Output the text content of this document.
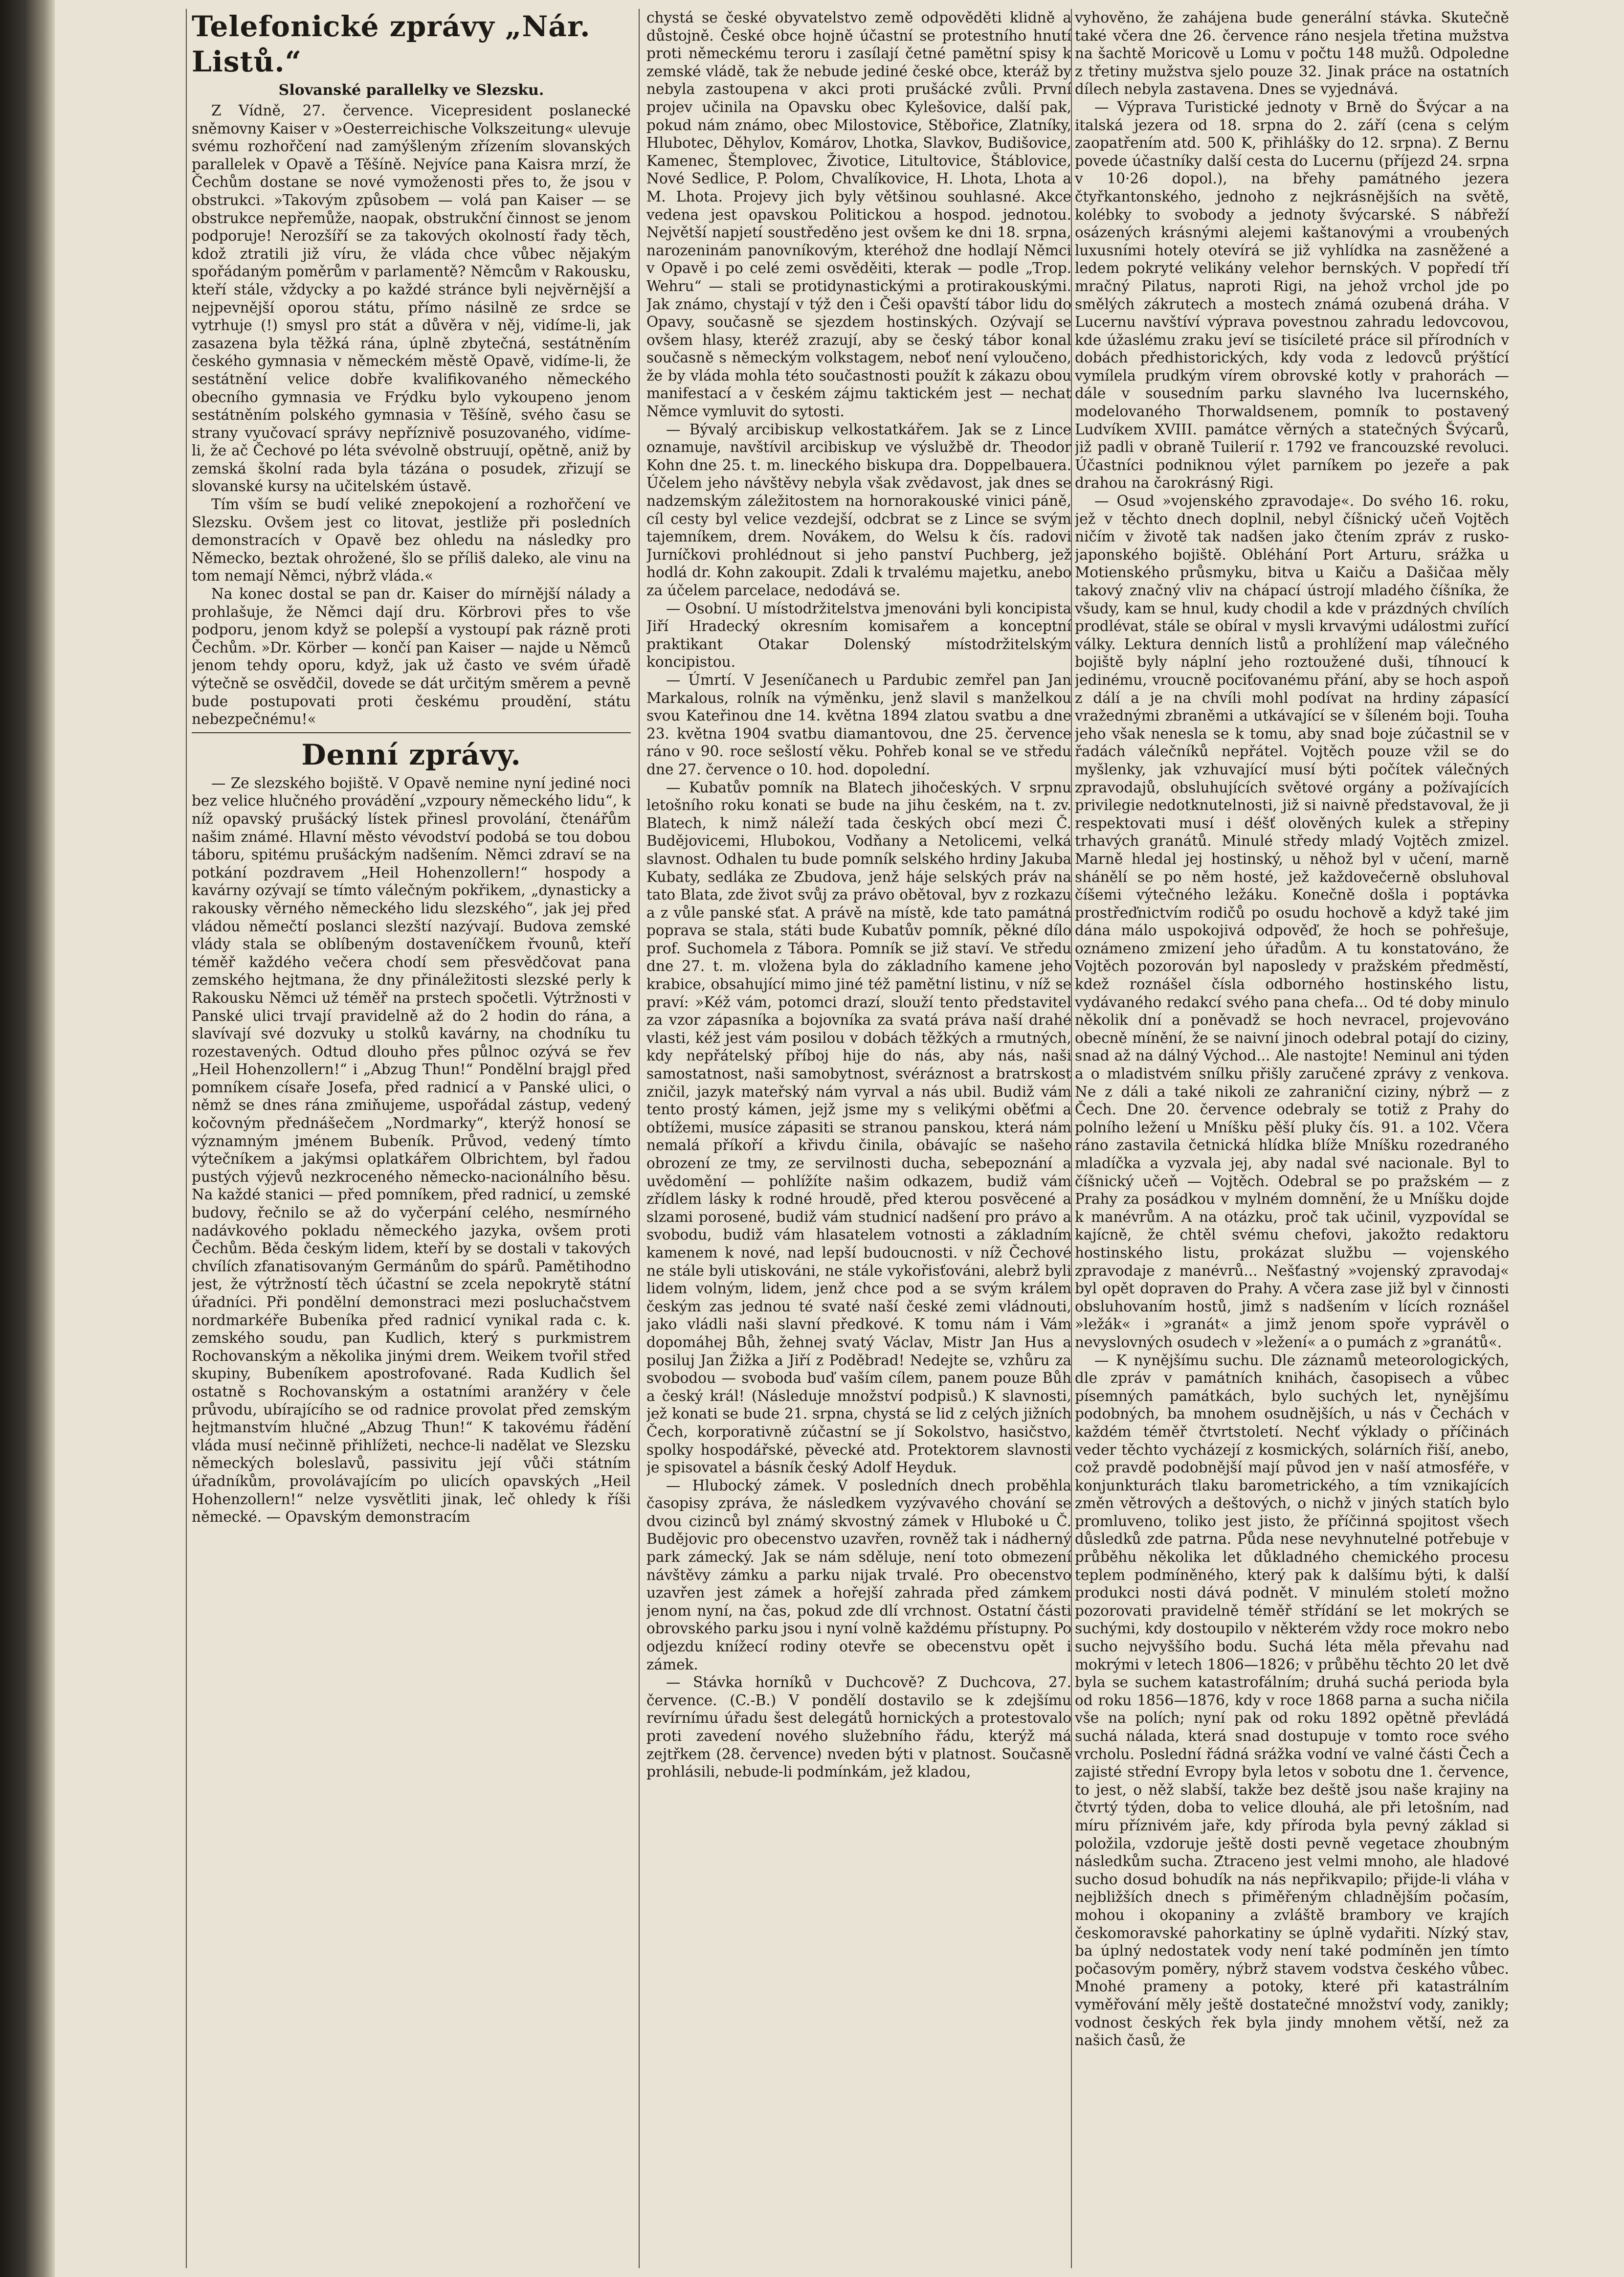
Telefonické zprávy „Nár. Listů.“
Slovanské parallelky ve Slezsku.

Z Vídně, 27. července. Vicepresident poslanecké sněmovny Kaiser v »Oesterreichische Volkszeitung« ulevuje svému rozhořčení nad zamýšleným zřízením slovanských parallelek v Opavě a Těšíně. Nejvíce pana Kaisra mrzí, že Čechům dostane se nové vymoženosti přes to, že jsou v obstrukci. »Takovým způsobem — volá pan Kaiser — se obstrukce nepřemůže, naopak, obstrukční činnost se jenom podporuje! Nerozšíří se za takových okolností řady těch, kdož ztratili již víru, že vláda chce vůbec nějakým spořádaným poměrům v parlamentě? Němcům v Rakousku, kteří stále, vždycky a po každé stránce byli nejvěrnější a nejpevnější oporou státu, přímo násilně ze srdce se vytrhuje (!) smysl pro stát a důvěra v něj, vidíme-li, jak zasazena byla těžká rána, úplně zbytečná, sestátněním českého gymnasia v německém městě Opavě, vidíme-li, že sestátnění velice dobře kvalifikovaného německého obecního gymnasia ve Frýdku bylo vykoupeno jenom sestátněním polského gymnasia v Těšíně, svého času se strany vyučovací správy nepříznivě posuzovaného, vidíme-li, že ač Čechové po léta svévolně obstruují, opětně, aniž by zemská školní rada byla tázána o posudek, zřizují se slovanské kursy na učitelském ústavě.

Tím vším se budí veliké znepokojení a rozhořčení ve Slezsku. Ovšem jest co litovat, jestliže při posledních demonstracích v Opavě bez ohledu na následky pro Německo, beztak ohrožené, šlo se příliš daleko, ale vinu na tom nemají Němci, nýbrž vláda.«

Na konec dostal se pan dr. Kaiser do mírnější nálady a prohlašuje, že Němci dají dru. Körbrovi přes to vše podporu, jenom když se polepší a vystoupí pak rázně proti Čechům. »Dr. Körber — končí pan Kaiser — najde u Němců jenom tehdy oporu, když, jak už často ve svém úřadě výtečně se osvědčil, dovede se dát určitým směrem a pevně bude postupovati proti českému proudění, státu nebezpečnému!«

Denní zprávy.

— Ze slezského bojiště. V Opavě nemine nyní jediné noci bez velice hlučného provádění „vzpoury německého lidu“, k níž opavský prušácký lístek přinesl provolání, čtenářům našim známé. Hlavní město vévodství podobá se tou dobou táboru, spitému prušáckým nadšením. Němci zdraví se na potkání pozdravem „Heil Hohenzollern!“ hospody a kavárny ozývají se tímto válečným pokřikem, „dynasticky a rakousky věrného německého lidu slezského“, jak jej před vládou němečtí poslanci slezští nazývají. Budova zemské vlády stala se oblíbeným dostaveníčkem řvounů, kteří téměř každého večera chodí sem přesvědčovat pana zemského hejtmana, že dny přináležitosti slezské perly k Rakousku Němci už téměř na prstech spočetli. Výtržnosti v Panské ulici trvají pravidelně až do 2 hodin do rána, a slavívají své dozvuky u stolků kavárny, na chodníku tu rozestavených. Odtud dlouho přes půlnoc ozývá se řev „Heil Hohenzollern!“ i „Abzug Thun!“ Pondělní brajgl před pomníkem císaře Josefa, před radnicí a v Panské ulici, o němž se dnes rána zmiňujeme, uspořádal zástup, vedený kočovným přednášečem „Nordmarky“, kterýž honosí se významným jménem Bubeník. Průvod, vedený tímto výtečníkem a jakýmsi oplatkářem Olbrichtem, byl řadou pustých výjevů nezkroceného německo-nacionálního běsu. Na každé stanici — před pomníkem, před radnicí, u zemské budovy, řečnilo se až do vyčerpání celého, nesmírného nadávkového pokladu německého jazyka, ovšem proti Čechům. Běda českým lidem, kteří by se dostali v takových chvílích zfanatisovaným Germánům do spárů. Pamětihodno jest, že výtržností těch účastní se zcela nepokrytě státní úřadníci. Při pondělní demonstraci mezi posluchačstvem nordmarkéře Bubeníka před radnicí vynikal rada c. k. zemského soudu, pan Kudlich, který s purkmistrem Rochovanským a několika jinými drem. Weikem tvořil střed skupiny, Bubeníkem apostrofované. Rada Kudlich šel ostatně s Rochovanským a ostatními aranžéry v čele průvodu, ubírajícího se od radnice provolat před zemským hejtmanstvím hlučné „Abzug Thun!“ K takovému řádění vláda musí nečinně přihlížeti, nechce-li nadělat ve Slezsku německých boleslavů, passivitu její vůči státním úřadníkům, provolávajícím po ulicích opavských „Heil Hohenzollern!“ nelze vysvětliti jinak, leč ohledy k říši německé. — Opavským demonstracím

chystá se české obyvatelstvo země odpověděti klidně a důstojně. České obce hojně účastní se protestního hnutí proti německému teroru i zasílají četné pamětní spisy k zemské vládě, tak že nebude jediné české obce, kteráž by nebyla zastoupena v akci proti prušácké zvůli. První projev učinila na Opavsku obec Kylešovice, další pak, pokud nám známo, obec Milostovice, Stěbořice, Zlatníky, Hlubotec, Děhylov, Komárov, Lhotka, Slavkov, Budišovice, Kamenec, Štemplovec, Životice, Litultovice, Štáblovice, Nové Sedlice, P. Polom, Chvalíkovice, H. Lhota, Lhota a M. Lhota. Projevy jich byly většinou souhlasné. Akce vedena jest opavskou Politickou a hospod. jednotou. Největší napjetí soustředěno jest ovšem ke dni 18. srpna, narozeninám panovníkovým, kteréhož dne hodlají Němci v Opavě i po celé zemi osvěděiti, kterak — podle „Trop. Wehru“ — stali se protidynastickými a protirakouskými. Jak známo, chystají v týž den i Češi opavští tábor lidu do Opavy, současně se sjezdem hostinských. Ozývají se ovšem hlasy, kteréž zrazují, aby se český tábor konal současně s německým volkstagem, neboť není vyloučeno, že by vláda mohla této součastnosti použít k zákazu obou manifestací a v českém zájmu taktickém jest — nechat Němce vymluvit do sytosti.

— Bývalý arcibiskup velkostatkářem. Jak se z Lince oznamuje, navštívil arcibiskup ve výslužbě dr. Theodor Kohn dne 25. t. m. lineckého biskupa dra. Doppelbauera. Účelem jeho návštěvy nebyla však zvědavost, jak dnes se nadzemským záležitostem na hornorakouské vinici páně, cíl cesty byl velice vezdejší, odcbrat se z Lince se svým tajemníkem, drem. Novákem, do Welsu k čís. radovi Jurníčkovi prohlédnout si jeho panství Puchberg, jež hodlá dr. Kohn zakoupit. Zdali k trvalému majetku, anebo za účelem parcelace, nedodává se.

— Osobní. U místodržitelstva jmenováni byli koncipista Jiří Hradecký okresním komisařem a konceptní praktikant Otakar Dolenský místodržitelským koncipistou.

— Úmrtí. V Jeseníčanech u Pardubic zemřel pan Jan Markalous, rolník na výměnku, jenž slavil s manželkou svou Kateřinou dne 14. května 1894 zlatou svatbu a dne 23. května 1904 svatbu diamantovou, dne 25. července ráno v 90. roce sešlostí věku. Pohřeb konal se ve středu dne 27. července o 10. hod. dopolední.

— Kubatův pomník na Blatech jihočeských. V srpnu letošního roku konati se bude na jihu českém, na t. zv. Blatech, k nimž náleží tada českých obcí mezi Č. Budějovicemi, Hlubokou, Vodňany a Netolicemi, velká slavnost. Odhalen tu bude pomník selského hrdiny Jakuba Kubaty, sedláka ze Zbudova, jenž háje selských práv na tato Blata, zde život svůj za právo obětoval, byv z rozkazu a z vůle panské sťat. A právě na místě, kde tato památná poprava se stala, státi bude Kubatův pomník, pěkné dílo prof. Suchomela z Tábora. Pomník se již staví. Ve středu dne 27. t. m. vložena byla do základního kamene jeho krabice, obsahující mimo jiné též pamětní listinu, v níž se praví: »Kéž vám, potomci drazí, slouží tento představitel za vzor zápasníka a bojovníka za svatá práva naší drahé vlasti, kéž jest vám posilou v dobách těžkých a rmutných, kdy nepřátelský příboj hije do nás, aby nás, naši samostatnost, naši samobytnost, svéráznost a bratrskost zničil, jazyk mateřský nám vyrval a nás ubil. Budiž vám tento prostý kámen, jejž jsme my s velikými oběťmi a obtížemi, musíce zápasiti se stranou panskou, která nám nemalá příkoří a křivdu činila, obávajíc se našeho obrození ze tmy, ze servilnosti ducha, sebepoznání a uvědomění — pohlížíte našim odkazem, budiž vám zřídlem lásky k rodné hroudě, před kterou posvěcené a slzami porosené, budiž vám studnicí nadšení pro právo a svobodu, budiž vám hlasatelem votnosti a základním kamenem k nové, nad lepší budoucnosti. v níž Čechové ne stále byli utiskováni, ne stále vykořisťováni, alebrž byli lidem volným, lidem, jenž chce pod a se svým králem českým zas jednou té svaté naší české zemi vládnouti, jako vládli naši slavní předkové. K tomu nám i Vám dopomáhej Bůh, žehnej svatý Václav, Mistr Jan Hus a posiluj Jan Žižka a Jiří z Poděbrad! Nedejte se, vzhůru za svobodou — svoboda buď vaším cílem, panem pouze Bůh a český král! (Následuje množství podpisů.) K slavnosti, jež konati se bude 21. srpna, chystá se lid z celých jižních Čech, korporativně zúčastní se jí Sokolstvo, hasičstvo, spolky hospodářské, pěvecké atd. Protektorem slavnosti je spisovatel a básník český Adolf Heyduk.

— Hlubocký zámek. V posledních dnech proběhla časopisy zpráva, že následkem vyzývavého chování se dvou cizinců byl známý skvostný zámek v Hluboké u Č. Budějovic pro obecenstvo uzavřen, rovněž tak i nádherný park zámecký. Jak se nám sděluje, není toto obmezení návštěvy zámku a parku nijak trvalé. Pro obecenstvo uzavřen jest zámek a hořejší zahrada před zámkem jenom nyní, na čas, pokud zde dlí vrchnost. Ostatní části obrovského parku jsou i nyní volně každému přístupny. Po odjezdu knížecí rodiny otevře se obecenstvu opět i zámek.

— Stávka horníků v Duchcově? Z Duchcova, 27. července. (C.-B.) V pondělí dostavilo se k zdejšímu revírnímu úřadu šest delegátů hornických a protestovalo proti zavedení nového služebního řádu, kterýž má zejtřkem (28. července) nveden býti v platnost. Současně prohlásili, nebude-li podmínkám, jež kladou,

vyhověno, že zahájena bude generální stávka. Skutečně také včera dne 26. července ráno nesjela třetina mužstva na šachtě Moricově u Lomu v počtu 148 mužů. Odpoledne z třetiny mužstva sjelo pouze 32. Jinak práce na ostatních dílech nebyla zastavena. Dnes se vyjednává.

— Výprava Turistické jednoty v Brně do Švýcar a na italská jezera od 18. srpna do 2. září (cena s celým zaopatřením atd. 500 K, přihlášky do 12. srpna). Z Bernu povede účastníky další cesta do Lucernu (příjezd 24. srpna v 10·26 dopol.), na břehy památného jezera čtyřkantonského, jednoho z nejkrásnějších na světě, kolébky to svobody a jednoty švýcarské. S nábřeží osázených krásnými alejemi kaštanovými a vroubených luxusními hotely otevírá se již vyhlídka na zasněžené a ledem pokryté velikány velehor bernských. V popředí tří mračný Pilatus, naproti Rigi, na jehož vrchol jde po smělých zákrutech a mostech známá ozubená dráha. V Lucernu navštíví výprava povestnou zahradu ledovcovou, kde úžaslému zraku jeví se tisícileté práce sil přírodních v dobách předhistorických, kdy voda z ledovců prýštící vymílela prudkým vírem obrovské kotly v prahorách — dále v sousedním parku slavného lva lucernského, modelovaného Thorwaldsenem, pomník to postavený Ludvíkem XVIII. památce věrných a statečných Švýcarů, již padli v obraně Tuilerií r. 1792 ve francouzské revoluci. Účastníci podniknou výlet parníkem po jezeře a pak drahou na čarokrásný Rigi.

— Osud »vojenského zpravodaje«. Do svého 16. roku, jež v těchto dnech doplnil, nebyl číšnický učeň Vojtěch ničím v životě tak nadšen jako čtením zpráv z rusko-japonského bojiště. Obléhání Port Arturu, srážka u Motienského průsmyku, bitva u Kaiču a Dašičaa měly takový značný vliv na chápací ústrojí mladého číšníka, že všudy, kam se hnul, kudy chodil a kde v prázdných chvílích prodlévat, stále se obíral v mysli krvavými událostmi zuřící války. Lektura denních listů a prohlížení map válečného bojiště byly náplní jeho roztoužené duši, tíhnoucí k jedinému, vroucně pociťovanému přání, aby se hoch aspoň z dálí a je na chvíli mohl podívat na hrdiny zápasící vražednými zbraněmi a utkávající se v šíleném boji. Touha jeho však nenesla se k tomu, aby snad boje zúčastnil se v řadách válečníků nepřátel. Vojtěch pouze vžil se do myšlenky, jak vzhuvající musí býti počítek válečných zpravodajů, obsluhujících světové orgány a požívajících privilegie nedotknutelnosti, již si naivně představoval, že ji respektovati musí i déšť olověných kulek a střepiny trhavých granátů. Minulé středy mladý Vojtěch zmizel. Marně hledal jej hostinský, u něhož byl v učení, marně shánělí se po něm hosté, jež každovečerně obsluhoval číšemi výtečného ležáku. Konečně došla i poptávka prostřeďnictvím rodičů po osudu hochově a když také jim dána málo uspokojivá odpověď, že hoch se pohřešuje, oznámeno zmizení jeho úřadům. A tu konstatováno, že Vojtěch pozorován byl naposledy v pražském předměstí, kdež roznášel čísla odborného hostinského listu, vydávaného redakcí svého pana chefa... Od té doby minulo několik dní a poněvadž se hoch nevracel, projevováno obecně mínění, že se naivní jinoch odebral potají do ciziny, snad až na dálný Východ... Ale nastojte! Neminul ani týden a o mladistvém snílku přišly zaručené zprávy z venkova. Ne z dáli a také nikoli ze zahraniční ciziny, nýbrž — z Čech. Dne 20. července odebraly se totiž z Prahy do polního ležení u Mníšku pěší pluky čís. 91. a 102. Včera ráno zastavila četnická hlídka blíže Mníšku rozedraného mladíčka a vyzvala jej, aby nadal své nacionale. Byl to číšnický učeň — Vojtěch. Odebral se po pražském — z Prahy za posádkou v mylném domnění, že u Mníšku dojde k manévrům. A na otázku, proč tak učinil, vyzpovídal se kajícně, že chtěl svému chefovi, jakožto redaktoru hostinského listu, prokázat službu — vojenského zpravodaje z manévrů... Nešťastný »vojenský zpravodaj« byl opět dopraven do Prahy. A včera zase již byl v činnosti obsluhovaním hostů, jimž s nadšením v lících roznášel »ležák« i »granát« a jimž jenom spoře vyprávěl o nevyslovných osudech v »ležení« a o pumách z »granátů«.

— K nynějšímu suchu. Dle záznamů meteorologických, dle zpráv v památních knihách, časopisech a vůbec písemných památkách, bylo suchých let, nynějšímu podobných, ba mnohem osudnějších, u nás v Čechách v každém téměř čtvrtstoletí. Nechť výklady o příčinách veder těchto vycházejí z kosmických, solárních řiší, anebo, což pravdě podobnější mají původ jen v naší atmosféře, v konjunkturách tlaku barometrického, a tím vznikajících změn větrových a deštových, o nichž v jiných statích bylo promluveno, toliko jest jisto, že příčinná spojitost všech důsledků zde patrna. Půda nese nevyhnutelné potřebuje v průběhu několika let důkladného chemického procesu teplem podmíněného, který pak k dalšímu býti, k další produkci nosti dává podnět. V minulém století možno pozorovati pravidelně téměř střídání se let mokrých se suchými, kdy dostoupilo v některém vždy roce mokro nebo sucho nejvyššího bodu. Suchá léta měla převahu nad mokrými v letech 1806—1826; v průběhu těchto 20 let dvě byla se suchem katastrofálním; druhá suchá perioda byla od roku 1856—1876, kdy v roce 1868 parna a sucha ničila vše na polích; nyní pak od roku 1892 opětně převládá suchá nálada, která snad dostupuje v tomto roce svého vrcholu. Poslední řádná srážka vodní ve valné části Čech a zajisté střední Evropy byla letos v sobotu dne 1. července, to jest, o něž slabší, takže bez deště jsou naše krajiny na čtvrtý týden, doba to velice dlouhá, ale při letošním, nad míru příznivém jaře, kdy příroda byla pevný základ si položila, vzdoruje ještě dosti pevně vegetace zhoubným následkům sucha. Ztraceno jest velmi mnoho, ale hladové sucho dosud bohudík na nás nepřikvapilo; přijde-li vláha v nejbližších dnech s přiměřeným chladnějším počasím, mohou i okopaniny a zvláště brambory ve krajích českomoravské pahorkatiny se úplně vydařiti. Nízký stav, ba úplný nedostatek vody není také podmíněn jen tímto počasovým poměry, nýbrž stavem vodstva českého vůbec. Mnohé prameny a potoky, které při katastrálním vyměřování měly ještě dostatečné množství vody, zanikly; vodnost českých řek byla jindy mnohem větší, než za našich časů, že
